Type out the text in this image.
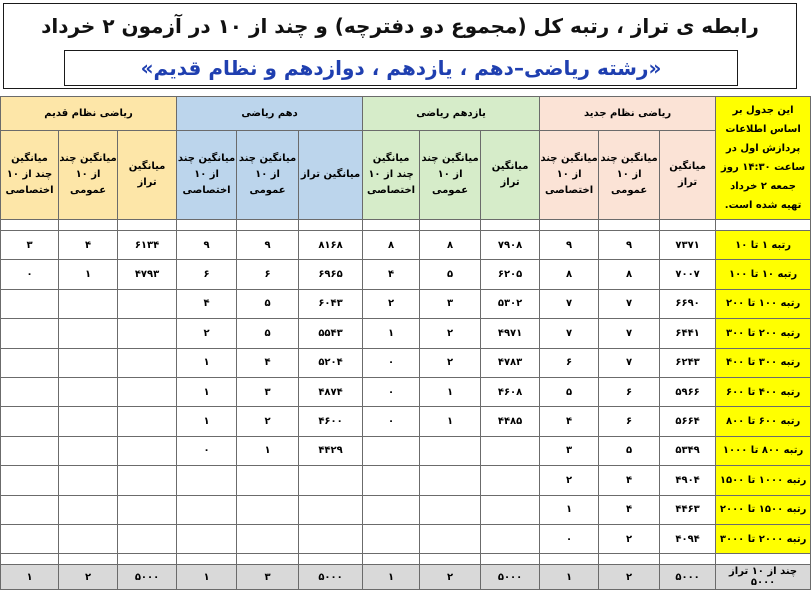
رابطه ی تراز ، رتبه کل (مجموع دو دفترچه) و چند از ۱۰ در آزمون ۲ خرداد
«رشته ریاضی–دهم ، یازدهم ، دوازدهم و نظام قدیم»
این جدول بر اساس اطلاعات پردازش اول در ساعت ۱۴:۳۰ روز جمعه ۲ خرداد تهیه شده است.	ریاضی نظام جدید			یازدهم ریاضی			دهم ریاضی			ریاضی نظام قدیم		
	میانگین تراز	میانگین چند از ۱۰ عمومی	میانگین چند از ۱۰ اختصاصی	میانگین تراز	میانگین چند از ۱۰ عمومی	میانگین چند از ۱۰ اختصاصی	میانگین تراز	میانگین چند از ۱۰ عمومی	میانگین چند از ۱۰ اختصاصی	میانگین تراز	میانگین چند از ۱۰ عمومی	میانگین چند از ۱۰ اختصاصی

رتبه ۱ تا ۱۰	۷۳۷۱	۹	۹	۷۹۰۸	۸	۸	۸۱۶۸	۹	۹	۶۱۳۴	۴	۳
رتبه ۱۰ تا ۱۰۰	۷۰۰۷	۸	۸	۶۲۰۵	۵	۴	۶۹۶۵	۶	۶	۴۷۹۳	۱	۰
رتبه ۱۰۰ تا ۲۰۰	۶۶۹۰	۷	۷	۵۳۰۲	۳	۲	۶۰۴۳	۵	۴			
رتبه ۲۰۰ تا ۳۰۰	۶۴۴۱	۷	۷	۴۹۷۱	۲	۱	۵۵۴۳	۵	۲			
رتبه ۳۰۰ تا ۴۰۰	۶۲۴۳	۷	۶	۴۷۸۳	۲	۰	۵۲۰۴	۴	۱			
رتبه ۴۰۰ تا ۶۰۰	۵۹۶۶	۶	۵	۴۶۰۸	۱	۰	۴۸۷۴	۳	۱			
رتبه ۶۰۰ تا ۸۰۰	۵۶۶۴	۶	۴	۴۴۸۵	۱	۰	۴۶۰۰	۲	۱			
رتبه ۸۰۰ تا ۱۰۰۰	۵۳۴۹	۵	۳				۴۴۲۹	۱	۰			
رتبه ۱۰۰۰ تا ۱۵۰۰	۴۹۰۴	۴	۲									
رتبه ۱۵۰۰ تا ۲۰۰۰	۴۴۶۳	۴	۱									
رتبه ۲۰۰۰ تا ۳۰۰۰	۴۰۹۴	۲	۰									

چند از ۱۰ تراز ۵۰۰۰	۵۰۰۰	۲	۱	۵۰۰۰	۲	۱	۵۰۰۰	۳	۱	۵۰۰۰	۲	۱
